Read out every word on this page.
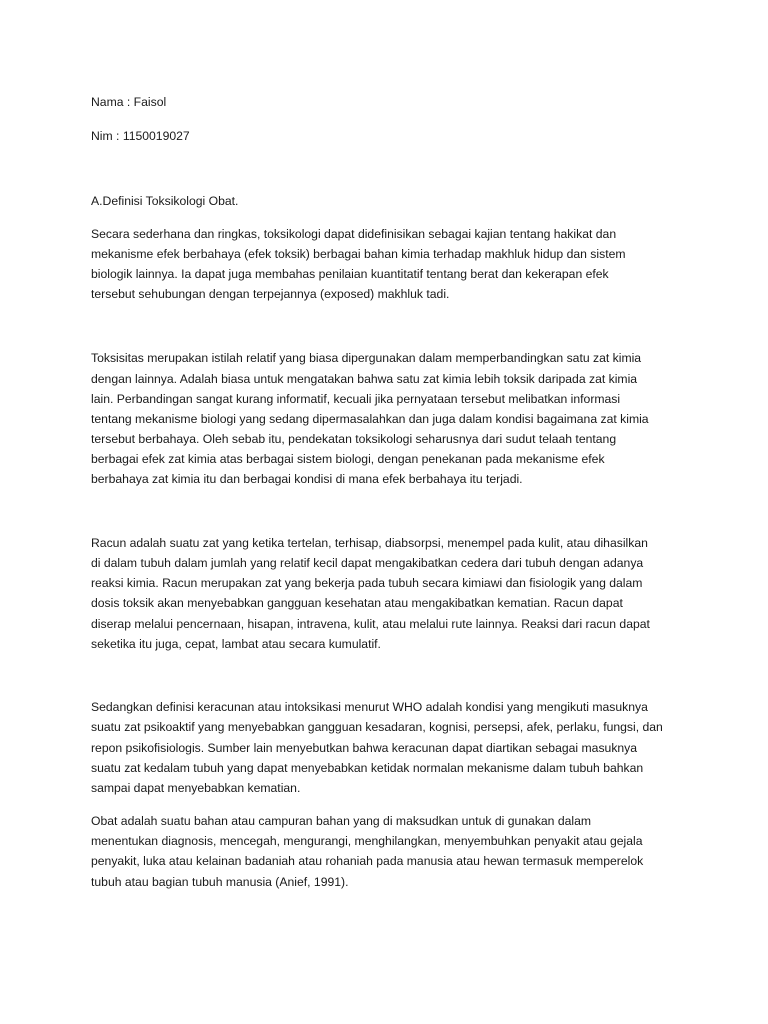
Nama : Faisol
Nim : 1150019027
A.Definisi Toksikologi Obat.
Secara sederhana dan ringkas, toksikologi dapat didefinisikan sebagai kajian tentang hakikat dan
mekanisme efek berbahaya (efek toksik) berbagai bahan kimia terhadap makhluk hidup dan sistem
biologik lainnya. Ia dapat juga membahas penilaian kuantitatif tentang berat dan kekerapan efek
tersebut sehubungan dengan terpejannya (exposed) makhluk tadi.
Toksisitas merupakan istilah relatif yang biasa dipergunakan dalam memperbandingkan satu zat kimia
dengan lainnya. Adalah biasa untuk mengatakan bahwa satu zat kimia lebih toksik daripada zat kimia
lain. Perbandingan sangat kurang informatif, kecuali jika pernyataan tersebut melibatkan informasi
tentang mekanisme biologi yang sedang dipermasalahkan dan juga dalam kondisi bagaimana zat kimia
tersebut berbahaya. Oleh sebab itu, pendekatan toksikologi seharusnya dari sudut telaah tentang
berbagai efek zat kimia atas berbagai sistem biologi, dengan penekanan pada mekanisme efek
berbahaya zat kimia itu dan berbagai kondisi di mana efek berbahaya itu terjadi.
Racun adalah suatu zat yang ketika tertelan, terhisap, diabsorpsi, menempel pada kulit, atau dihasilkan
di dalam tubuh dalam jumlah yang relatif kecil dapat mengakibatkan cedera dari tubuh dengan adanya
reaksi kimia. Racun merupakan zat yang bekerja pada tubuh secara kimiawi dan fisiologik yang dalam
dosis toksik akan menyebabkan gangguan kesehatan atau mengakibatkan kematian. Racun dapat
diserap melalui pencernaan, hisapan, intravena, kulit, atau melalui rute lainnya. Reaksi dari racun dapat
seketika itu juga, cepat, lambat atau secara kumulatif.
Sedangkan definisi keracunan atau intoksikasi menurut WHO adalah kondisi yang mengikuti masuknya
suatu zat psikoaktif yang menyebabkan gangguan kesadaran, kognisi, persepsi, afek, perlaku, fungsi, dan
repon psikofisiologis. Sumber lain menyebutkan bahwa keracunan dapat diartikan sebagai masuknya
suatu zat kedalam tubuh yang dapat menyebabkan ketidak normalan mekanisme dalam tubuh bahkan
sampai dapat menyebabkan kematian.
Obat adalah suatu bahan atau campuran bahan yang di maksudkan untuk di gunakan dalam
menentukan diagnosis, mencegah, mengurangi, menghilangkan, menyembuhkan penyakit atau gejala
penyakit, luka atau kelainan badaniah atau rohaniah pada manusia atau hewan termasuk memperelok
tubuh atau bagian tubuh manusia (Anief, 1991).
